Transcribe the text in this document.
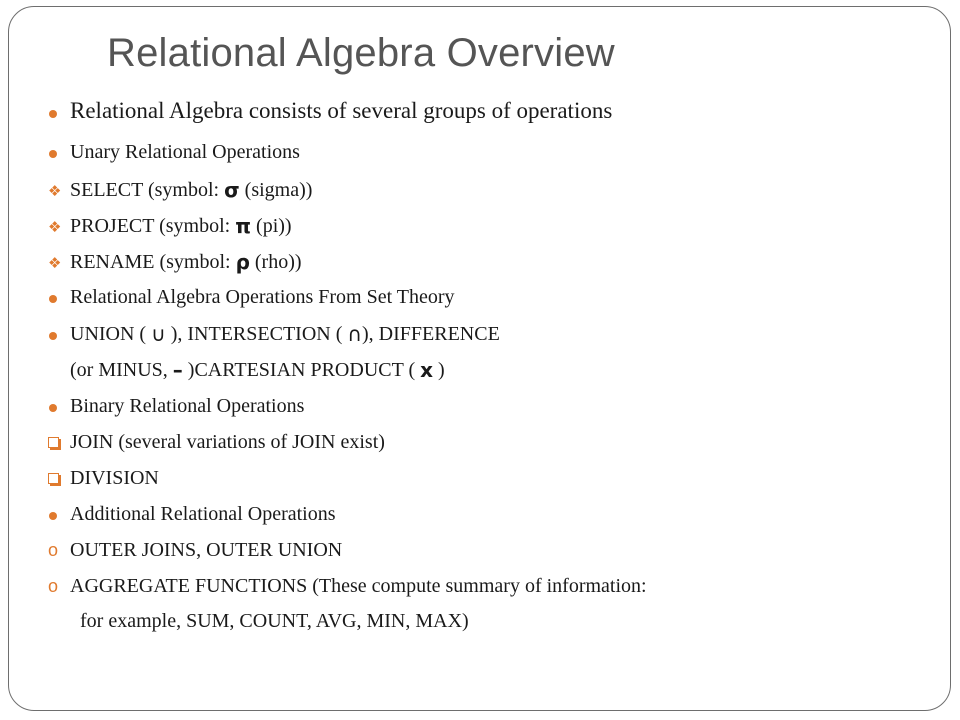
Relational Algebra Overview
Relational Algebra consists of several groups of operations
Unary Relational Operations
❖ SELECT (symbol: σ (sigma))
❖ PROJECT (symbol: π (pi))
❖ RENAME (symbol: ρ (rho))
Relational Algebra Operations From Set Theory
UNION ( ∪ ), INTERSECTION ( ∩ ), DIFFERENCE
(or MINUS, – )CARTESIAN PRODUCT ( x )
Binary Relational Operations
JOIN (several variations of JOIN exist)
DIVISION
Additional Relational Operations
o OUTER JOINS, OUTER UNION
o AGGREGATE FUNCTIONS (These compute summary of information:
for example, SUM, COUNT, AVG, MIN, MAX)
